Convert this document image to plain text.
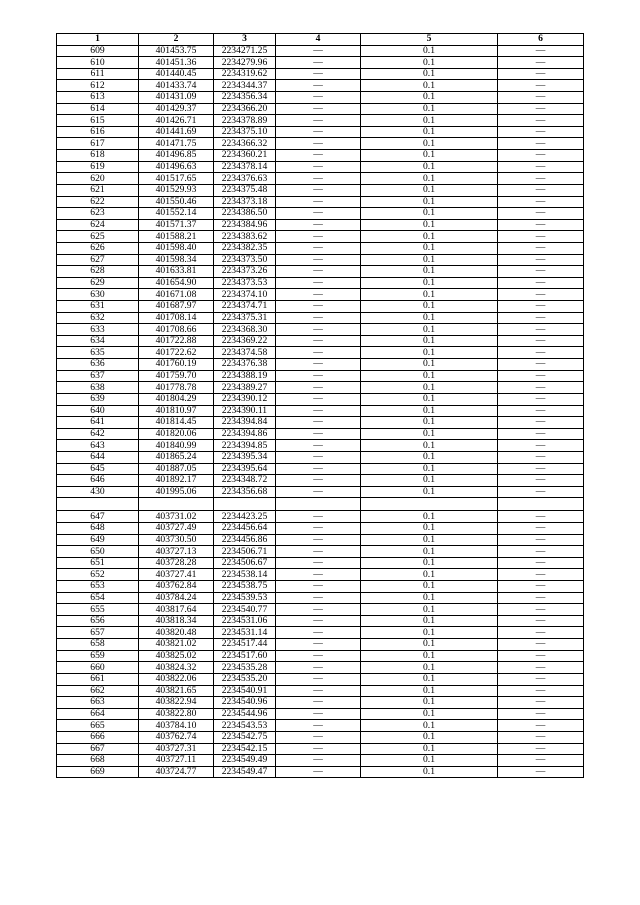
1	2	3	4	5	6
609	401453.75	2234271.25	—	0.1	—
610	401451.36	2234279.96	—	0.1	—
611	401440.45	2234319.62	—	0.1	—
612	401433.74	2234344.37	—	0.1	—
613	401431.09	2234356.34	—	0.1	—
614	401429.37	2234366.20	—	0.1	—
615	401426.71	2234378.89	—	0.1	—
616	401441.69	2234375.10	—	0.1	—
617	401471.75	2234366.32	—	0.1	—
618	401496.85	2234360.21	—	0.1	—
619	401496.63	2234378.14	—	0.1	—
620	401517.65	2234376.63	—	0.1	—
621	401529.93	2234375.48	—	0.1	—
622	401550.46	2234373.18	—	0.1	—
623	401552.14	2234386.50	—	0.1	—
624	401571.37	2234384.96	—	0.1	—
625	401588.21	2234383.62	—	0.1	—
626	401598.40	2234382.35	—	0.1	—
627	401598.34	2234373.50	—	0.1	—
628	401633.81	2234373.26	—	0.1	—
629	401654.90	2234373.53	—	0.1	—
630	401671.08	2234374.10	—	0.1	—
631	401687.97	2234374.71	—	0.1	—
632	401708.14	2234375.31	—	0.1	—
633	401708.66	2234368.30	—	0.1	—
634	401722.88	2234369.22	—	0.1	—
635	401722.62	2234374.58	—	0.1	—
636	401760.19	2234376.38	—	0.1	—
637	401759.70	2234388.19	—	0.1	—
638	401778.78	2234389.27	—	0.1	—
639	401804.29	2234390.12	—	0.1	—
640	401810.97	2234390.11	—	0.1	—
641	401814.45	2234394.84	—	0.1	—
642	401820.06	2234394.86	—	0.1	—
643	401840.99	2234394.85	—	0.1	—
644	401865.24	2234395.34	—	0.1	—
645	401887.05	2234395.64	—	0.1	—
646	401892.17	2234348.72	—	0.1	—
430	401995.06	2234356.68	—	0.1	—

647	403731.02	2234423.25	—	0.1	—
648	403727.49	2234456.64	—	0.1	—
649	403730.50	2234456.86	—	0.1	—
650	403727.13	2234506.71	—	0.1	—
651	403728.28	2234506.67	—	0.1	—
652	403727.41	2234538.14	—	0.1	—
653	403762.84	2234538.75	—	0.1	—
654	403784.24	2234539.53	—	0.1	—
655	403817.64	2234540.77	—	0.1	—
656	403818.34	2234531.06	—	0.1	—
657	403820.48	2234531.14	—	0.1	—
658	403821.02	2234517.44	—	0.1	—
659	403825.02	2234517.60	—	0.1	—
660	403824.32	2234535.28	—	0.1	—
661	403822.06	2234535.20	—	0.1	—
662	403821.65	2234540.91	—	0.1	—
663	403822.94	2234540.96	—	0.1	—
664	403822.80	2234544.96	—	0.1	—
665	403784.10	2234543.53	—	0.1	—
666	403762.74	2234542.75	—	0.1	—
667	403727.31	2234542.15	—	0.1	—
668	403727.11	2234549.49	—	0.1	—
669	403724.77	2234549.47	—	0.1	—
